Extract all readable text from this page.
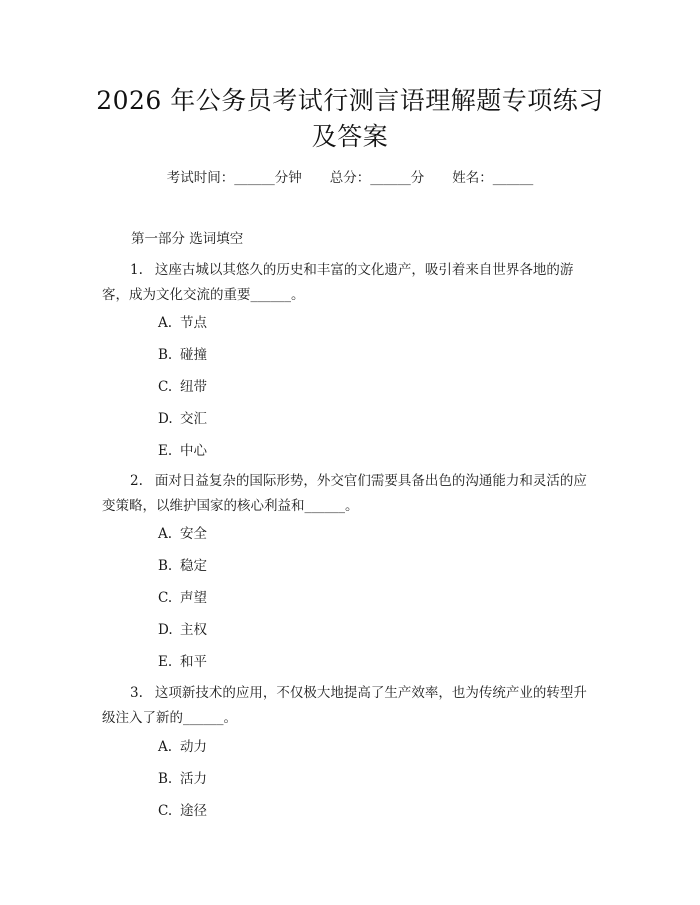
2026 年公务员考试行测言语理解题专项练习
及答案
考试时间：______分钟 总分：______分 姓名：______
第一部分 选词填空
1. 这座古城以其悠久的历史和丰富的文化遗产，吸引着来自世界各地的游客，成为文化交流的重要______。
A. 节点
B. 碰撞
C. 纽带
D. 交汇
E. 中心
2. 面对日益复杂的国际形势，外交官们需要具备出色的沟通能力和灵活的应变策略，以维护国家的核心利益和______。
A. 安全
B. 稳定
C. 声望
D. 主权
E. 和平
3. 这项新技术的应用，不仅极大地提高了生产效率，也为传统产业的转型升级注入了新的______。
A. 动力
B. 活力
C. 途径
